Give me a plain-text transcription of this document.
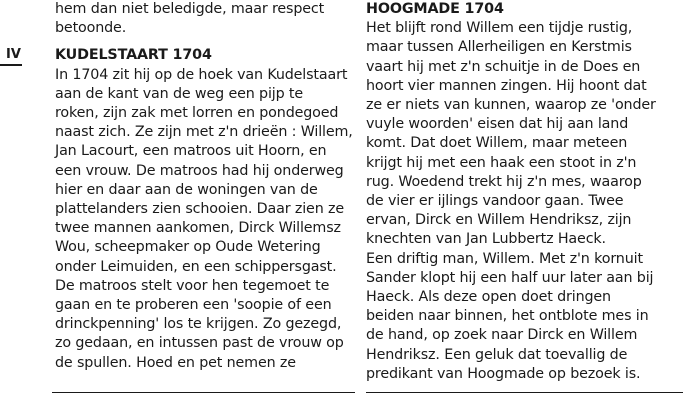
IV
hem dan niet beledigde, maar respect
betoonde.
KUDELSTAART 1704
In 1704 zit hij op de hoek van Kudelstaart
aan de kant van de weg een pijp te
roken, zijn zak met lorren en pondegoed
naast zich. Ze zijn met z'n drieën : Willem,
Jan Lacourt, een matroos uit Hoorn, en
een vrouw. De matroos had hij onderweg
hier en daar aan de woningen van de
plattelanders zien schooien. Daar zien ze
twee mannen aankomen, Dirck Willemsz
Wou, scheepmaker op Oude Wetering
onder Leimuiden, en een schippersgast.
De matroos stelt voor hen tegemoet te
gaan en te proberen een 'soopie of een
drinckpenning' los te krijgen. Zo gezegd,
zo gedaan, en intussen past de vrouw op
de spullen. Hoed en pet nemen ze
HOOGMADE 1704
Het blijft rond Willem een tijdje rustig,
maar tussen Allerheiligen en Kerstmis
vaart hij met z'n schuitje in de Does en
hoort vier mannen zingen. Hij hoont dat
ze er niets van kunnen, waarop ze 'onder
vuyle woorden' eisen dat hij aan land
komt. Dat doet Willem, maar meteen
krijgt hij met een haak een stoot in z'n
rug. Woedend trekt hij z'n mes, waarop
de vier er ijlings vandoor gaan. Twee
ervan, Dirck en Willem Hendriksz, zijn
knechten van Jan Lubbertz Haeck.
Een driftig man, Willem. Met z'n kornuit
Sander klopt hij een half uur later aan bij
Haeck. Als deze open doet dringen
beiden naar binnen, het ontblote mes in
de hand, op zoek naar Dirck en Willem
Hendriksz. Een geluk dat toevallig de
predikant van Hoogmade op bezoek is.
